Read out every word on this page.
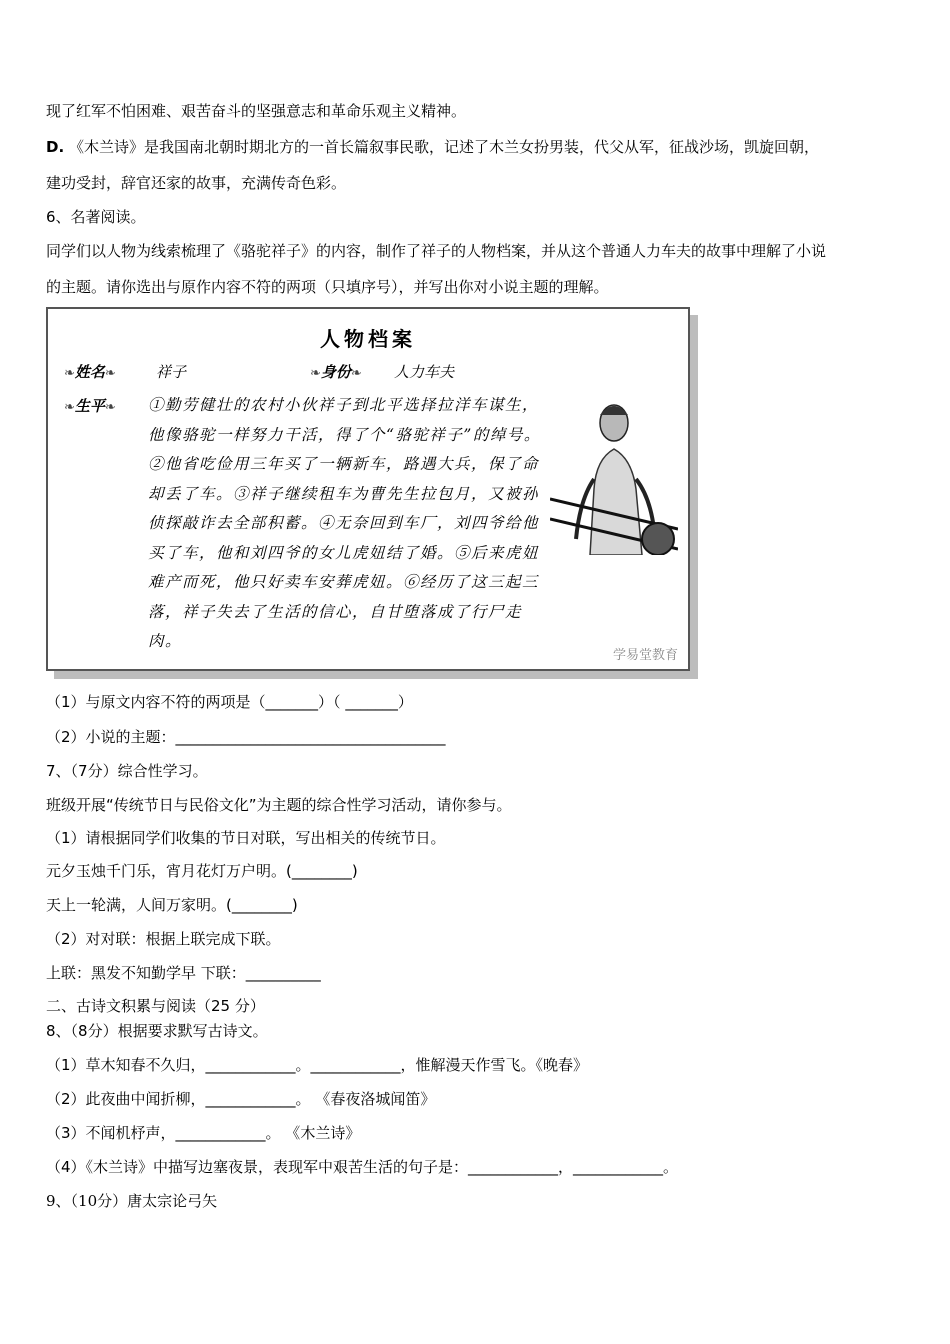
现了红军不怕困难、艰苦奋斗的坚强意志和革命乐观主义精神。
D. 《木兰诗》是我国南北朝时期北方的一首长篇叙事民歌，记述了木兰女扮男装，代父从军，征战沙场，凯旋回朝，
建功受封，辞官还家的故事，充满传奇色彩。
6、名著阅读。
同学们以人物为线索梳理了《骆驼祥子》的内容，制作了祥子的人物档案，并从这个普通人力车夫的故事中理解了小说
的主题。请你选出与原作内容不符的两项（只填序号），并写出你对小说主题的理解。
人物档案
❧姓名❧	祥子	❧身份❧ 人力车夫
❧生平❧ ①勤劳健壮的农村小伙祥子到北平选择拉洋车谋生，他像骆驼一样努力干活，得了个“骆驼祥子”的绰号。②他省吃俭用三年买了一辆新车，路遇大兵，保了命却丢了车。③祥子继续租车为曹先生拉包月，又被孙侦探敲诈去全部积蓄。④无奈回到车厂，刘四爷给他买了车，他和刘四爷的女儿虎妞结了婚。⑤后来虎妞难产而死，他只好卖车安葬虎妞。⑥经历了这三起三落，祥子失去了生活的信心，自甘堕落成了行尸走肉。
学易堂教育
（1）与原文内容不符的两项是（_______）（ _______）
（2）小说的主题：____________________________________
7、（7分）综合性学习。
班级开展“传统节日与民俗文化”为主题的综合性学习活动，请你参与。
（1）请根据同学们收集的节日对联，写出相关的传统节日。
元夕玉烛千门乐，宵月花灯万户明。(________)
天上一轮满，人间万家明。(________)
（2）对对联：根据上联完成下联。
上联：黑发不知勤学早 下联：__________
二、古诗文积累与阅读（25 分）
8、（8分）根据要求默写古诗文。
（1）草木知春不久归，____________。____________，惟解漫天作雪飞。《晚春》
（2）此夜曲中闻折柳，____________。 《春夜洛城闻笛》
（3）不闻机杼声，____________。 《木兰诗》
（4）《木兰诗》中描写边塞夜景，表现军中艰苦生活的句子是：____________，____________。
9、（10分）唐太宗论弓矢
